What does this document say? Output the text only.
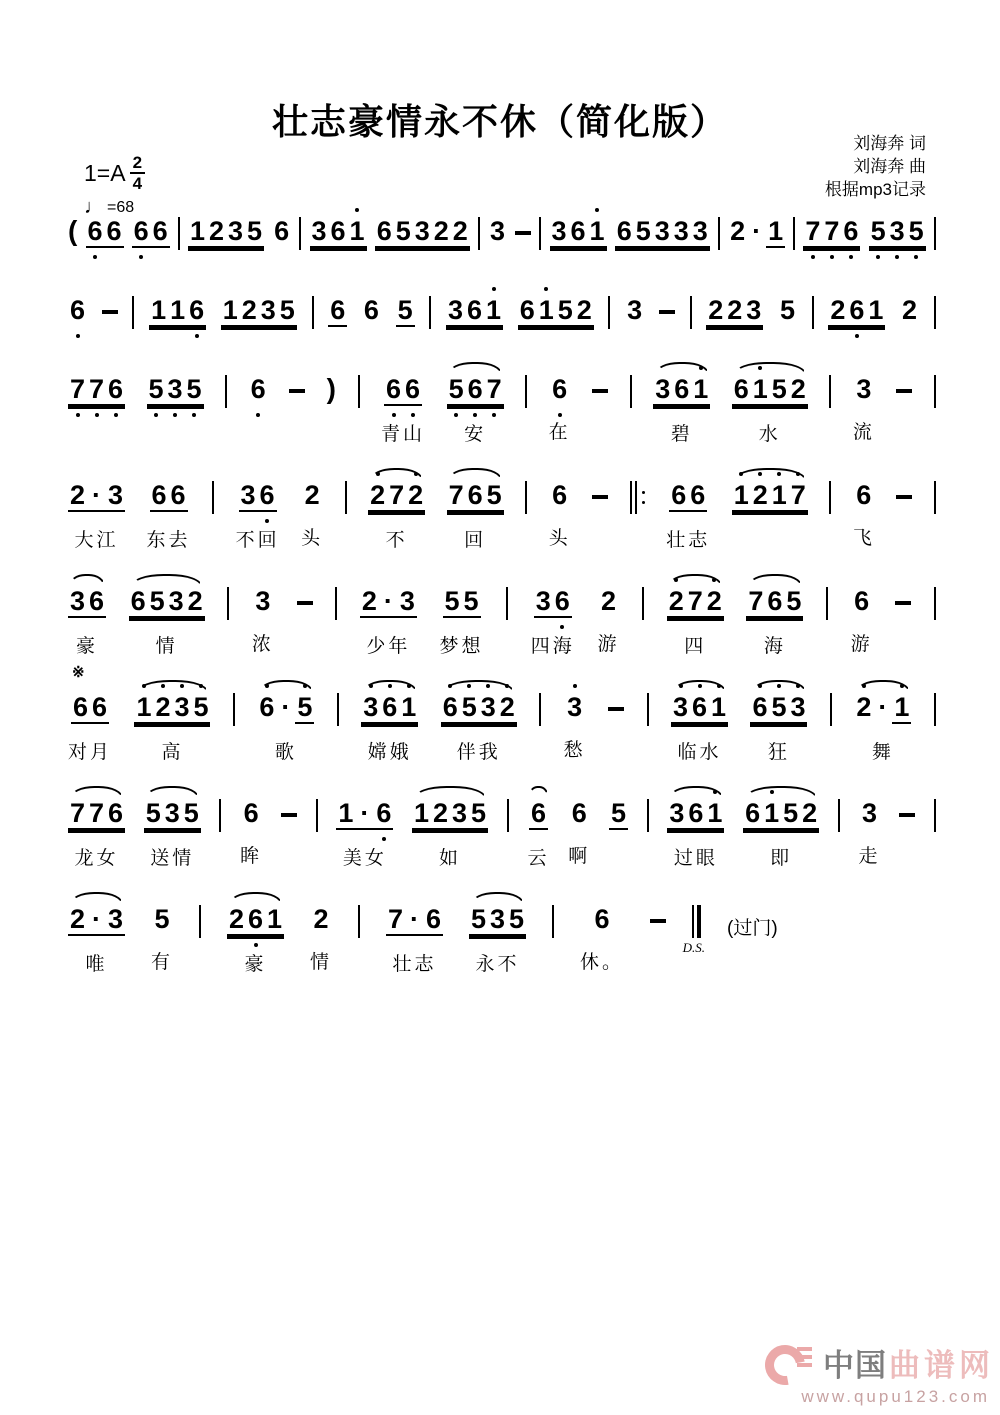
壮志豪情永不休（简化版）
刘海奔 词
刘海奔 曲
根据mp3记录
$1=A \frac{2}{4}$
♩ =68
( 6 6 6 6 1 2 3 5 6 3 6 1 6 5 3 2 2 3 3 6 1 6 5 3 3 3 2 · 1 7 7 6 5 3 5
6 1 1 6 1 2 3 5 6 6 5 3 6 1 6 1 5 2 3 2 2 3 5 2 6 1 2
7 7 6 5 3 5 6 ) 6 6
青山
5 6 7
安
6
在
3 6 1
碧
6 1 5 2
水
3
流
2 · 3
大江
6 6
东去
3 6
不回
2
头
2 7 2
不
7 6 5
回
6
头
6 6
壮志
1 2 1 7 6
飞
3 6
豪
6 5 3 2
情
3
浓
2 · 3
少年
5 5
梦想
3 6
四海
2
游
2 7 2
四
7 6 5
海
6
游
※
6 6
对月
1 2 3 5
高
6 · 5
歌
3 6 1
嫦娥
6 5 3 2
伴我
3
愁
3 6 1
临水
6 5 3
狂
2 · 1
舞
7 7 6
龙女
5 3 5
送情
6
眸
1 · 6
美女
1 2 3 5
如
6
云
6
啊
5 3 6 1
过眼
6 1 5 2
即
3
走
2 · 3
唯
5
有
2 6 1
豪
2
情
7 · 6
壮志
5 3 5
永不
6
休。
D.S.
(过门)
中国 曲谱网
www.qupu123.com
